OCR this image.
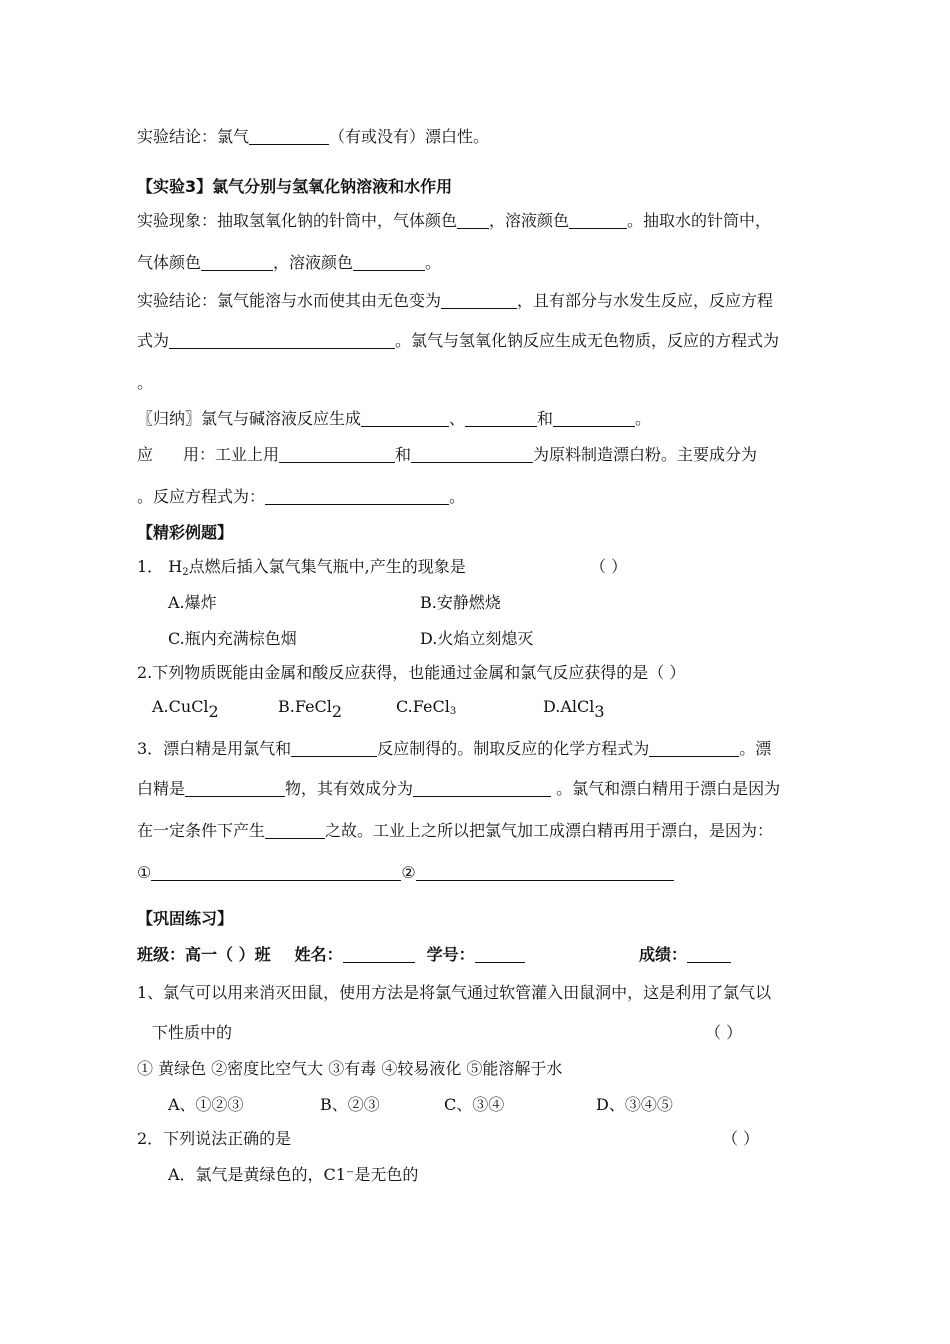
实验结论：氯气	（有或没有）漂白性。
【实验3】氯气分别与氢氧化钠溶液和水作用
实验现象：抽取氢氧化钠的针筒中，气体颜色 ，溶液颜色	。抽取水的针筒中，
气体颜色	，溶液颜色	。
实验结论：氯气能溶与水而使其由无色变为	，且有部分与水发生反应，反应方程
式为	。氯气与氢氧化钠反应生成无色物质，反应的方程式为
。
〖归纳〗氯气与碱溶液反应生成	、	和	。
应 用：工业上用	和	为原料制造漂白粉。主要成分为
。反应方程式为：	。
【精彩例题】
1． $H_2$点燃后插入氯气集气瓶中,产生的现象是	（ ）
A.爆炸	B.安静燃烧
C.瓶内充满棕色烟	D.火焰立刻熄灭
2.下列物质既能由金属和酸反应获得，也能通过金属和氯气反应获得的是（ ）
A.CuCl2	B.FeCl2	C.FeCl3	D.AlCl3
3．漂白精是用氯气和	反应制得的。制取反应的化学方程式为	。漂
白精是	物，其有效成分为	。氯气和漂白精用于漂白是因为
在一定条件下产生	之故。工业上之所以把氯气加工成漂白精再用于漂白，是因为：
①	②
【巩固练习】
班级：高一（ ）班 姓名：	学号：	成绩：
1、氯气可以用来消灭田鼠，使用方法是将氯气通过软管灌入田鼠洞中，这是利用了氯气以
下性质中的	（ ）
① 黄绿色 ②密度比空气大 ③有毒 ④较易液化 ⑤能溶解于水
A、①②③	B、②③	C、③④	D、③④⑤
2．下列说法正确的是	（ ）
A．氯气是黄绿色的，C1⁻是无色的
